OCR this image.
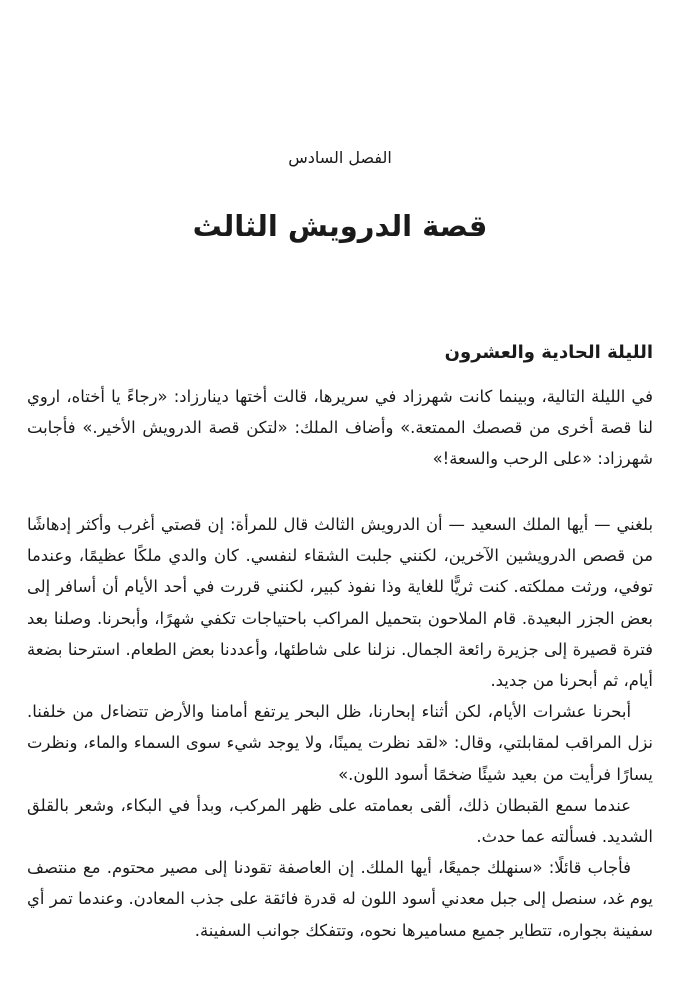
الفصل السادس
قصة الدرويش الثالث
الليلة الحادية والعشرون

في الليلة التالية، وبينما كانت شهرزاد في سريرها، قالت أختها دينارزاد: «رجاءً يا أختاه، اروي لنا قصة أخرى من قصصك الممتعة.» وأضاف الملك: «لتكن قصة الدرويش الأخير.» فأجابت شهرزاد: «على الرحب والسعة!»

بلغني — أيها الملك السعيد — أن الدرويش الثالث قال للمرأة: إن قصتي أغرب وأكثر إدهاشًا من قصص الدرويشين الآخرين، لكنني جلبت الشقاء لنفسي. كان والدي ملكًا عظيمًا، وعندما توفي، ورثت مملكته. كنت ثريًّا للغاية وذا نفوذ كبير، لكنني قررت في أحد الأيام أن أسافر إلى بعض الجزر البعيدة. قام الملاحون بتحميل المراكب باحتياجات تكفي شهرًا، وأبحرنا. وصلنا بعد فترة قصيرة إلى جزيرة رائعة الجمال. نزلنا على شاطئها، وأعددنا بعض الطعام. استرحنا بضعة أيام، ثم أبحرنا من جديد.

أبحرنا عشرات الأيام، لكن أثناء إبحارنا، ظل البحر يرتفع أمامنا والأرض تتضاءل من خلفنا. نزل المراقب لمقابلتي، وقال: «لقد نظرت يمينًا، ولا يوجد شيء سوى السماء والماء، ونظرت يسارًا فرأيت من بعيد شيئًا ضخمًا أسود اللون.»

عندما سمع القبطان ذلك، ألقى بعمامته على ظهر المركب، وبدأ في البكاء، وشعر بالقلق الشديد. فسألته عما حدث.

فأجاب قائلًا: «سنهلك جميعًا، أيها الملك. إن العاصفة تقودنا إلى مصير محتوم. مع منتصف يوم غد، سنصل إلى جبل معدني أسود اللون له قدرة فائقة على جذب المعادن. وعندما تمر أي سفينة بجواره، تتطاير جميع مساميرها نحوه، وتتفكك جوانب السفينة.
